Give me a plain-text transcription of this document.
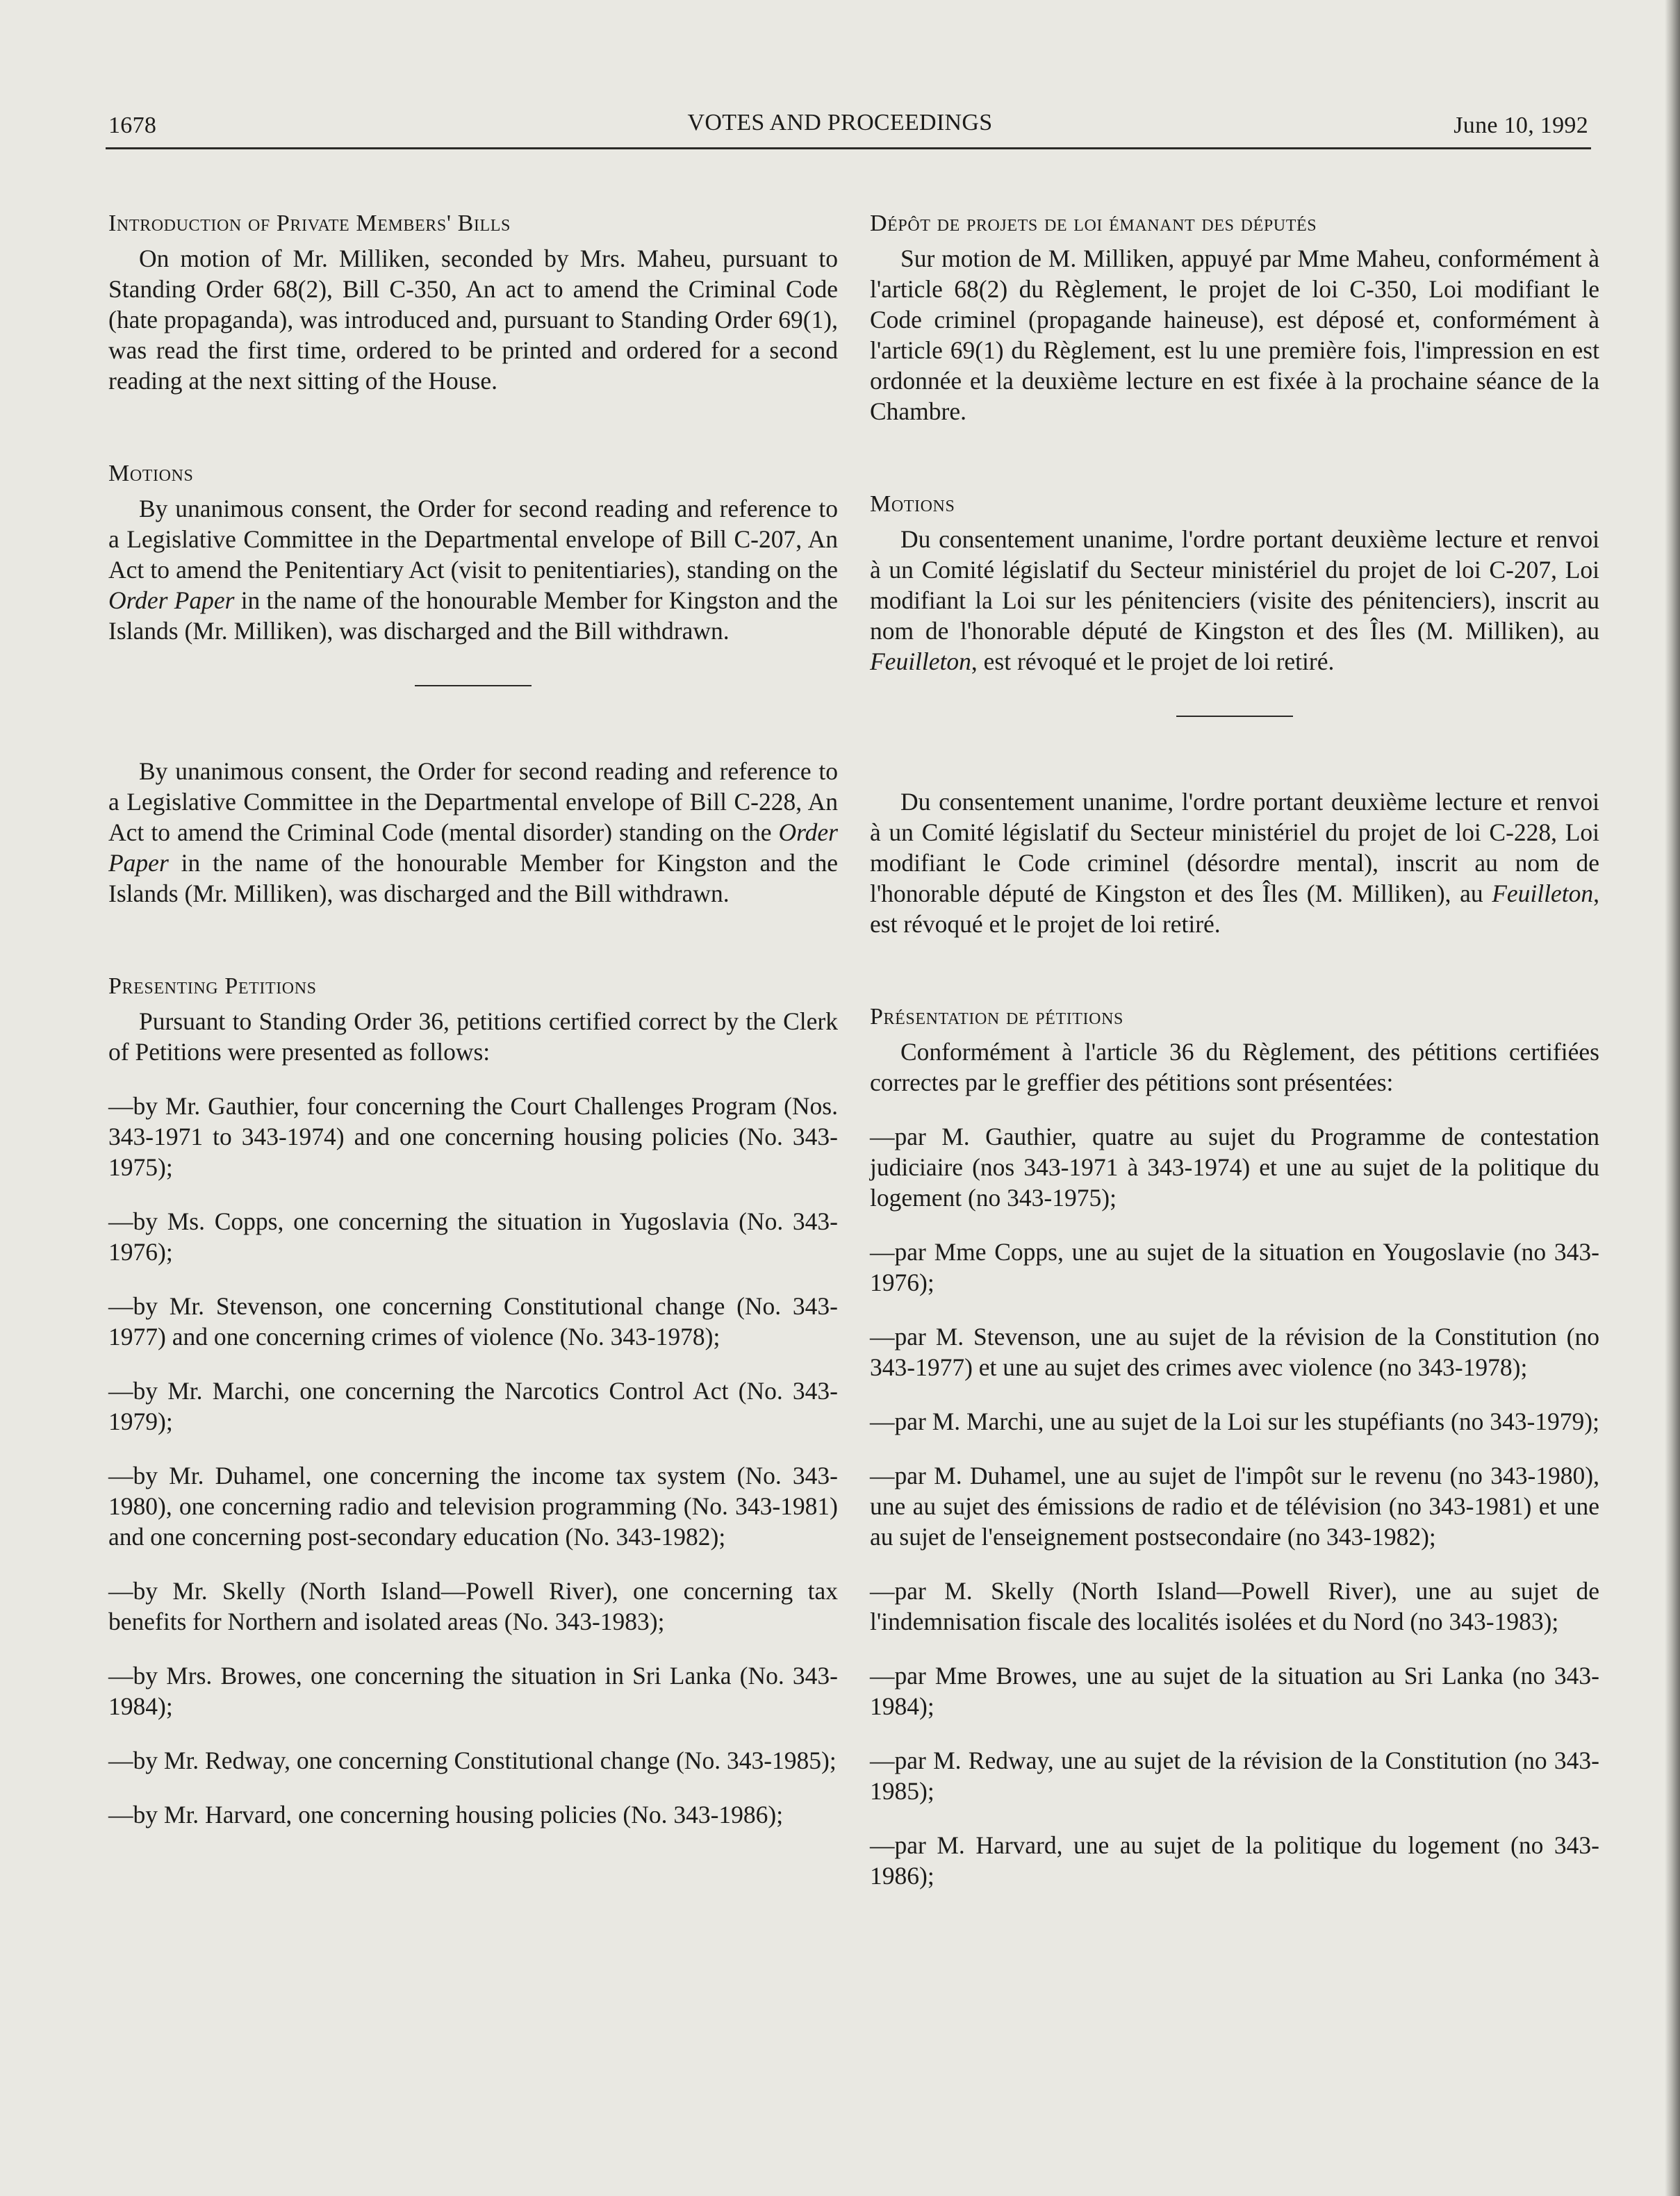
1678	VOTES AND PROCEEDINGS	June 10, 1992
Introduction of Private Members' Bills

On motion of Mr. Milliken, seconded by Mrs. Maheu, pursuant to Standing Order 68(2), Bill C-350, An act to amend the Criminal Code (hate propaganda), was introduced and, pursuant to Standing Order 69(1), was read the first time, ordered to be printed and ordered for a second reading at the next sitting of the House.

Motions

By unanimous consent, the Order for second reading and reference to a Legislative Committee in the Departmental envelope of Bill C-207, An Act to amend the Penitentiary Act (visit to penitentiaries), standing on the Order Paper in the name of the honourable Member for Kingston and the Islands (Mr. Milliken), was discharged and the Bill withdrawn.

By unanimous consent, the Order for second reading and reference to a Legislative Committee in the Departmental envelope of Bill C-228, An Act to amend the Criminal Code (mental disorder) standing on the Order Paper in the name of the honourable Member for Kingston and the Islands (Mr. Milliken), was discharged and the Bill withdrawn.

Presenting Petitions

Pursuant to Standing Order 36, petitions certified correct by the Clerk of Petitions were presented as follows:

—by Mr. Gauthier, four concerning the Court Challenges Program (Nos. 343-1971 to 343-1974) and one concerning housing policies (No. 343-1975);

—by Ms. Copps, one concerning the situation in Yugoslavia (No. 343-1976);

—by Mr. Stevenson, one concerning Constitutional change (No. 343-1977) and one concerning crimes of violence (No. 343-1978);

—by Mr. Marchi, one concerning the Narcotics Control Act (No. 343-1979);

—by Mr. Duhamel, one concerning the income tax system (No. 343-1980), one concerning radio and television programming (No. 343-1981) and one concerning post-secondary education (No. 343-1982);

—by Mr. Skelly (North Island—Powell River), one concerning tax benefits for Northern and isolated areas (No. 343-1983);

—by Mrs. Browes, one concerning the situation in Sri Lanka (No. 343-1984);

—by Mr. Redway, one concerning Constitutional change (No. 343-1985);

—by Mr. Harvard, one concerning housing policies (No. 343-1986);

Dépôt de projets de loi émanant des députés

Sur motion de M. Milliken, appuyé par Mme Maheu, conformément à l'article 68(2) du Règlement, le projet de loi C-350, Loi modifiant le Code criminel (propagande haineuse), est déposé et, conformément à l'article 69(1) du Règlement, est lu une première fois, l'impression en est ordonnée et la deuxième lecture en est fixée à la prochaine séance de la Chambre.

Motions

Du consentement unanime, l'ordre portant deuxième lecture et renvoi à un Comité législatif du Secteur ministériel du projet de loi C-207, Loi modifiant la Loi sur les pénitenciers (visite des pénitenciers), inscrit au nom de l'honorable député de Kingston et des Îles (M. Milliken), au Feuilleton, est révoqué et le projet de loi retiré.

Du consentement unanime, l'ordre portant deuxième lecture et renvoi à un Comité législatif du Secteur ministériel du projet de loi C-228, Loi modifiant le Code criminel (désordre mental), inscrit au nom de l'honorable député de Kingston et des Îles (M. Milliken), au Feuilleton, est révoqué et le projet de loi retiré.

Présentation de pétitions

Conformément à l'article 36 du Règlement, des pétitions certifiées correctes par le greffier des pétitions sont présentées:

—par M. Gauthier, quatre au sujet du Programme de contestation judiciaire (nos 343-1971 à 343-1974) et une au sujet de la politique du logement (no 343-1975);

—par Mme Copps, une au sujet de la situation en Yougoslavie (no 343-1976);

—par M. Stevenson, une au sujet de la révision de la Constitution (no 343-1977) et une au sujet des crimes avec violence (no 343-1978);

—par M. Marchi, une au sujet de la Loi sur les stupéfiants (no 343-1979);

—par M. Duhamel, une au sujet de l'impôt sur le revenu (no 343-1980), une au sujet des émissions de radio et de télévision (no 343-1981) et une au sujet de l'enseignement postsecondaire (no 343-1982);

—par M. Skelly (North Island—Powell River), une au sujet de l'indemnisation fiscale des localités isolées et du Nord (no 343-1983);

—par Mme Browes, une au sujet de la situation au Sri Lanka (no 343-1984);

—par M. Redway, une au sujet de la révision de la Constitution (no 343-1985);

—par M. Harvard, une au sujet de la politique du logement (no 343-1986);
